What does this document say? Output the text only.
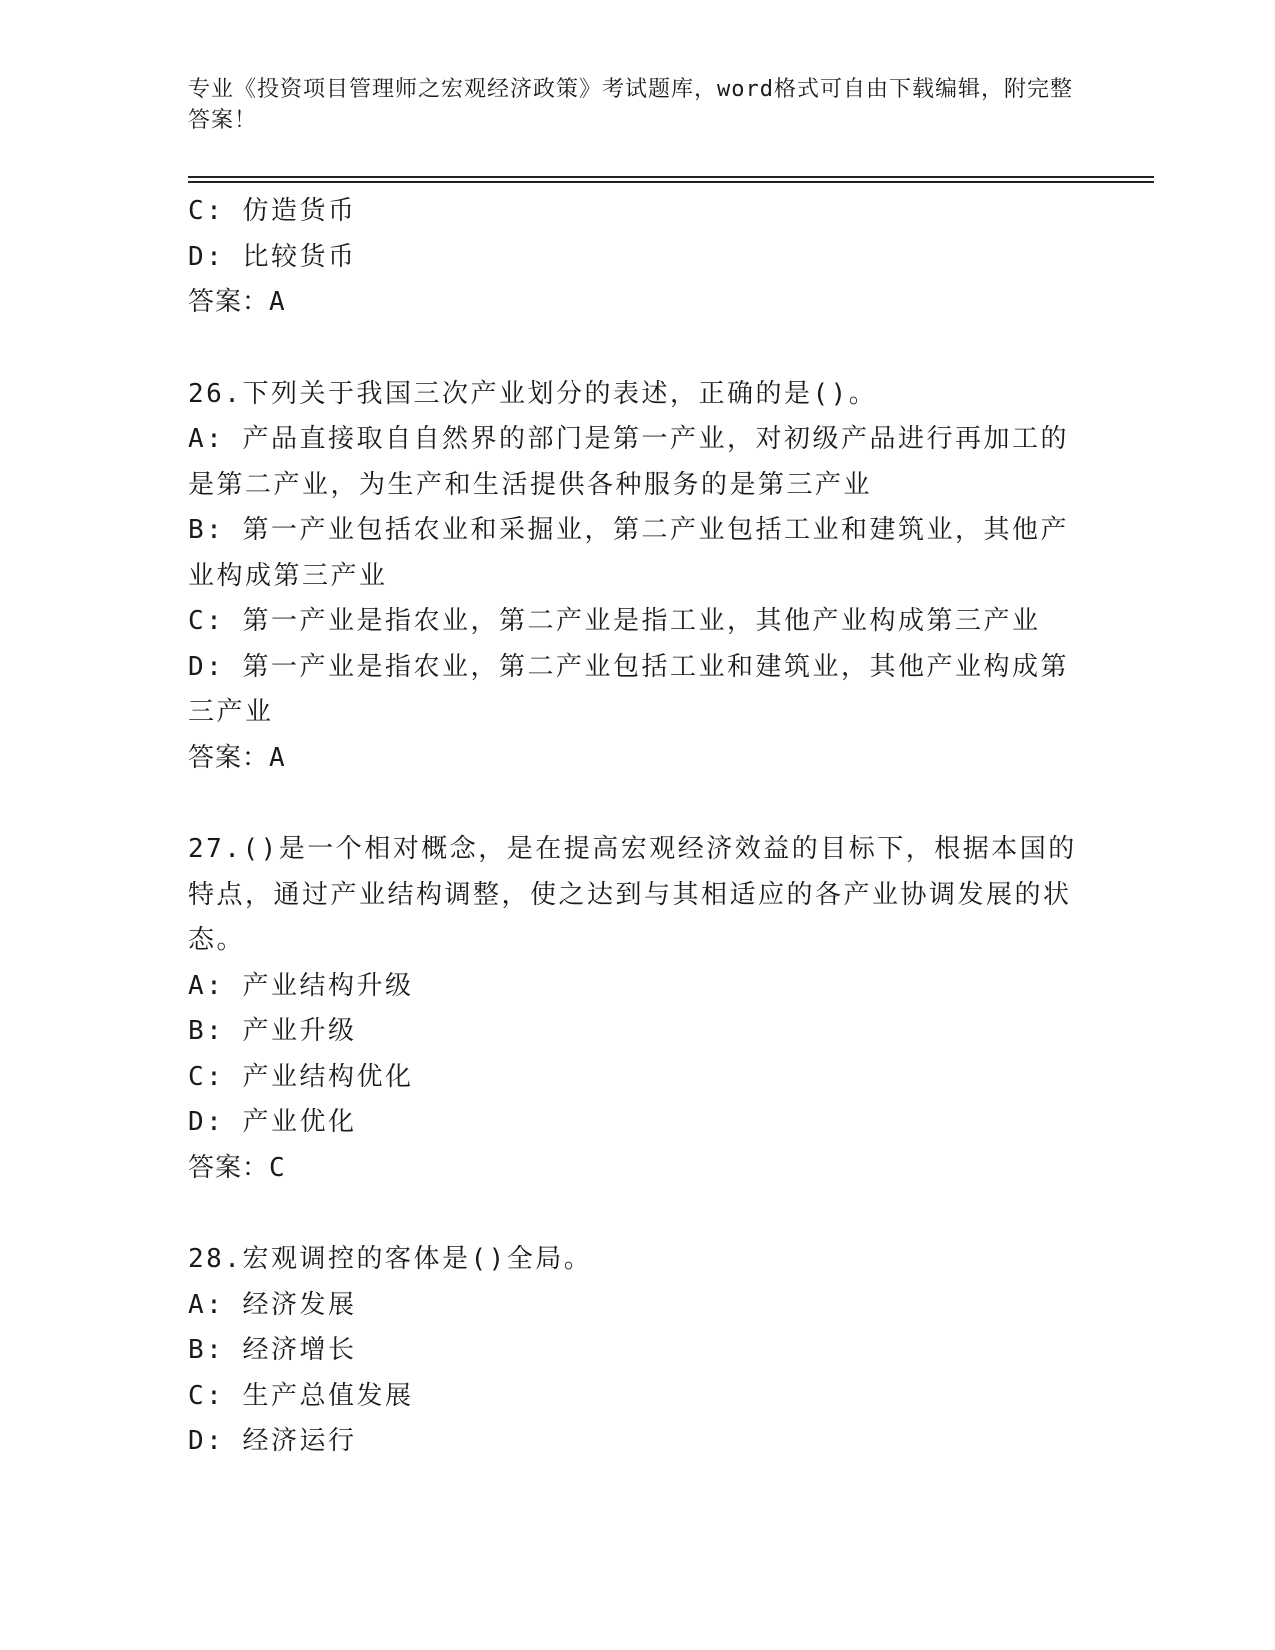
专业《投资项目管理师之宏观经济政策》考试题库，word格式可自由下载编辑，附完整答案！
C: 仿造货币
D: 比较货币
答案：A
26.下列关于我国三次产业划分的表述，正确的是()。
A: 产品直接取自自然界的部门是第一产业，对初级产品进行再加工的是第二产业，为生产和生活提供各种服务的是第三产业
B: 第一产业包括农业和采掘业，第二产业包括工业和建筑业，其他产业构成第三产业
C: 第一产业是指农业，第二产业是指工业，其他产业构成第三产业
D: 第一产业是指农业，第二产业包括工业和建筑业，其他产业构成第三产业
答案：A
27.()是一个相对概念，是在提高宏观经济效益的目标下，根据本国的特点，通过产业结构调整，使之达到与其相适应的各产业协调发展的状态。
A: 产业结构升级
B: 产业升级
C: 产业结构优化
D: 产业优化
答案：C
28.宏观调控的客体是()全局。
A: 经济发展
B: 经济增长
C: 生产总值发展
D: 经济运行
